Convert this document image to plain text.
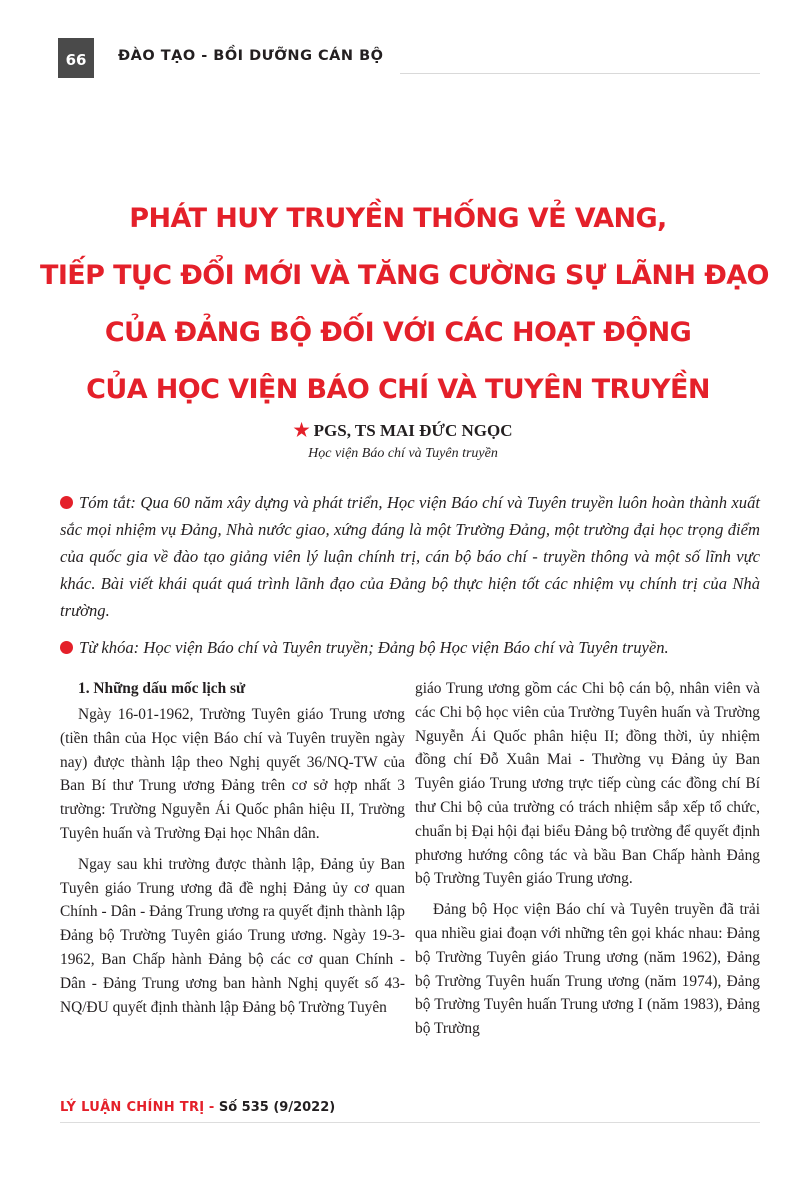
66	ĐÀO TẠO - BỒI DƯỠNG CÁN BỘ
PHÁT HUY TRUYỀN THỐNG VẺ VANG,
TIẾP TỤC ĐỔI MỚI VÀ TĂNG CƯỜNG SỰ LÃNH ĐẠO
CỦA ĐẢNG BỘ ĐỐI VỚI CÁC HOẠT ĐỘNG
CỦA HỌC VIỆN BÁO CHÍ VÀ TUYÊN TRUYỀN
★ PGS, TS MAI ĐỨC NGỌC
Học viện Báo chí và Tuyên truyền
Tóm tắt: Qua 60 năm xây dựng và phát triển, Học viện Báo chí và Tuyên truyền luôn hoàn thành xuất sắc mọi nhiệm vụ Đảng, Nhà nước giao, xứng đáng là một Trường Đảng, một trường đại học trọng điểm của quốc gia về đào tạo giảng viên lý luận chính trị, cán bộ báo chí - truyền thông và một số lĩnh vực khác. Bài viết khái quát quá trình lãnh đạo của Đảng bộ thực hiện tốt các nhiệm vụ chính trị của Nhà trường.
Từ khóa: Học viện Báo chí và Tuyên truyền; Đảng bộ Học viện Báo chí và Tuyên truyền.
1. Những dấu mốc lịch sử

Ngày 16-01-1962, Trường Tuyên giáo Trung ương (tiền thân của Học viện Báo chí và Tuyên truyền ngày nay) được thành lập theo Nghị quyết 36/NQ-TW của Ban Bí thư Trung ương Đảng trên cơ sở hợp nhất 3 trường: Trường Nguyễn Ái Quốc phân hiệu II, Trường Tuyên huấn và Trường Đại học Nhân dân.

Ngay sau khi trường được thành lập, Đảng ủy Ban Tuyên giáo Trung ương đã đề nghị Đảng ủy cơ quan Chính - Dân - Đảng Trung ương ra quyết định thành lập Đảng bộ Trường Tuyên giáo Trung ương. Ngày 19-3-1962, Ban Chấp hành Đảng bộ các cơ quan Chính - Dân - Đảng Trung ương ban hành Nghị quyết số 43-NQ/ĐU quyết định thành lập Đảng bộ Trường Tuyên

giáo Trung ương gồm các Chi bộ cán bộ, nhân viên và các Chi bộ học viên của Trường Tuyên huấn và Trường Nguyễn Ái Quốc phân hiệu II; đồng thời, ủy nhiệm đồng chí Đỗ Xuân Mai - Thường vụ Đảng ủy Ban Tuyên giáo Trung ương trực tiếp cùng các đồng chí Bí thư Chi bộ của trường có trách nhiệm sắp xếp tổ chức, chuẩn bị Đại hội đại biểu Đảng bộ trường để quyết định phương hướng công tác và bầu Ban Chấp hành Đảng bộ Trường Tuyên giáo Trung ương.

Đảng bộ Học viện Báo chí và Tuyên truyền đã trải qua nhiều giai đoạn với những tên gọi khác nhau: Đảng bộ Trường Tuyên giáo Trung ương (năm 1962), Đảng bộ Trường Tuyên huấn Trung ương (năm 1974), Đảng bộ Trường Tuyên huấn Trung ương I (năm 1983), Đảng bộ Trường

LÝ LUẬN CHÍNH TRỊ - Số 535 (9/2022)
